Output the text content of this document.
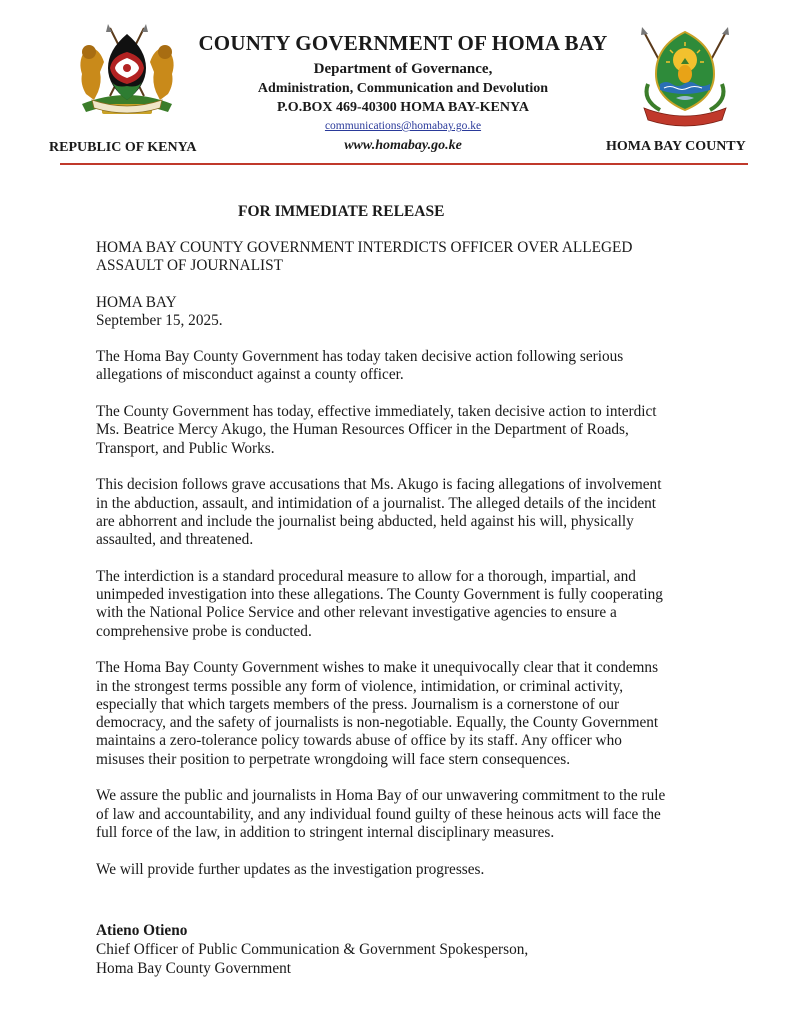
COUNTY GOVERNMENT OF HOMA BAY
Department of Governance,
Administration, Communication and Devolution
P.O.BOX 469-40300 HOMA BAY-KENYA
communications@homabay.go.ke
www.homabay.go.ke
REPUBLIC OF KENYA	HOMA BAY COUNTY
FOR IMMEDIATE RELEASE

HOMA BAY COUNTY GOVERNMENT INTERDICTS OFFICER OVER ALLEGED
ASSAULT OF JOURNALIST

HOMA BAY
September 15, 2025.

The Homa Bay County Government has today taken decisive action following serious
allegations of misconduct against a county officer.

The County Government has today, effective immediately, taken decisive action to interdict
Ms. Beatrice Mercy Akugo, the Human Resources Officer in the Department of Roads,
Transport, and Public Works.

This decision follows grave accusations that Ms. Akugo is facing allegations of involvement
in the abduction, assault, and intimidation of a journalist. The alleged details of the incident
are abhorrent and include the journalist being abducted, held against his will, physically
assaulted, and threatened.

The interdiction is a standard procedural measure to allow for a thorough, impartial, and
unimpeded investigation into these allegations. The County Government is fully cooperating
with the National Police Service and other relevant investigative agencies to ensure a
comprehensive probe is conducted.

The Homa Bay County Government wishes to make it unequivocally clear that it condemns
in the strongest terms possible any form of violence, intimidation, or criminal activity,
especially that which targets members of the press. Journalism is a cornerstone of our
democracy, and the safety of journalists is non-negotiable. Equally, the County Government
maintains a zero-tolerance policy towards abuse of office by its staff. Any officer who
misuses their position to perpetrate wrongdoing will face stern consequences.

We assure the public and journalists in Homa Bay of our unwavering commitment to the rule
of law and accountability, and any individual found guilty of these heinous acts will face the
full force of the law, in addition to stringent internal disciplinary measures.

We will provide further updates as the investigation progresses.

Atieno Otieno
Chief Officer of Public Communication & Government Spokesperson,
Homa Bay County Government
